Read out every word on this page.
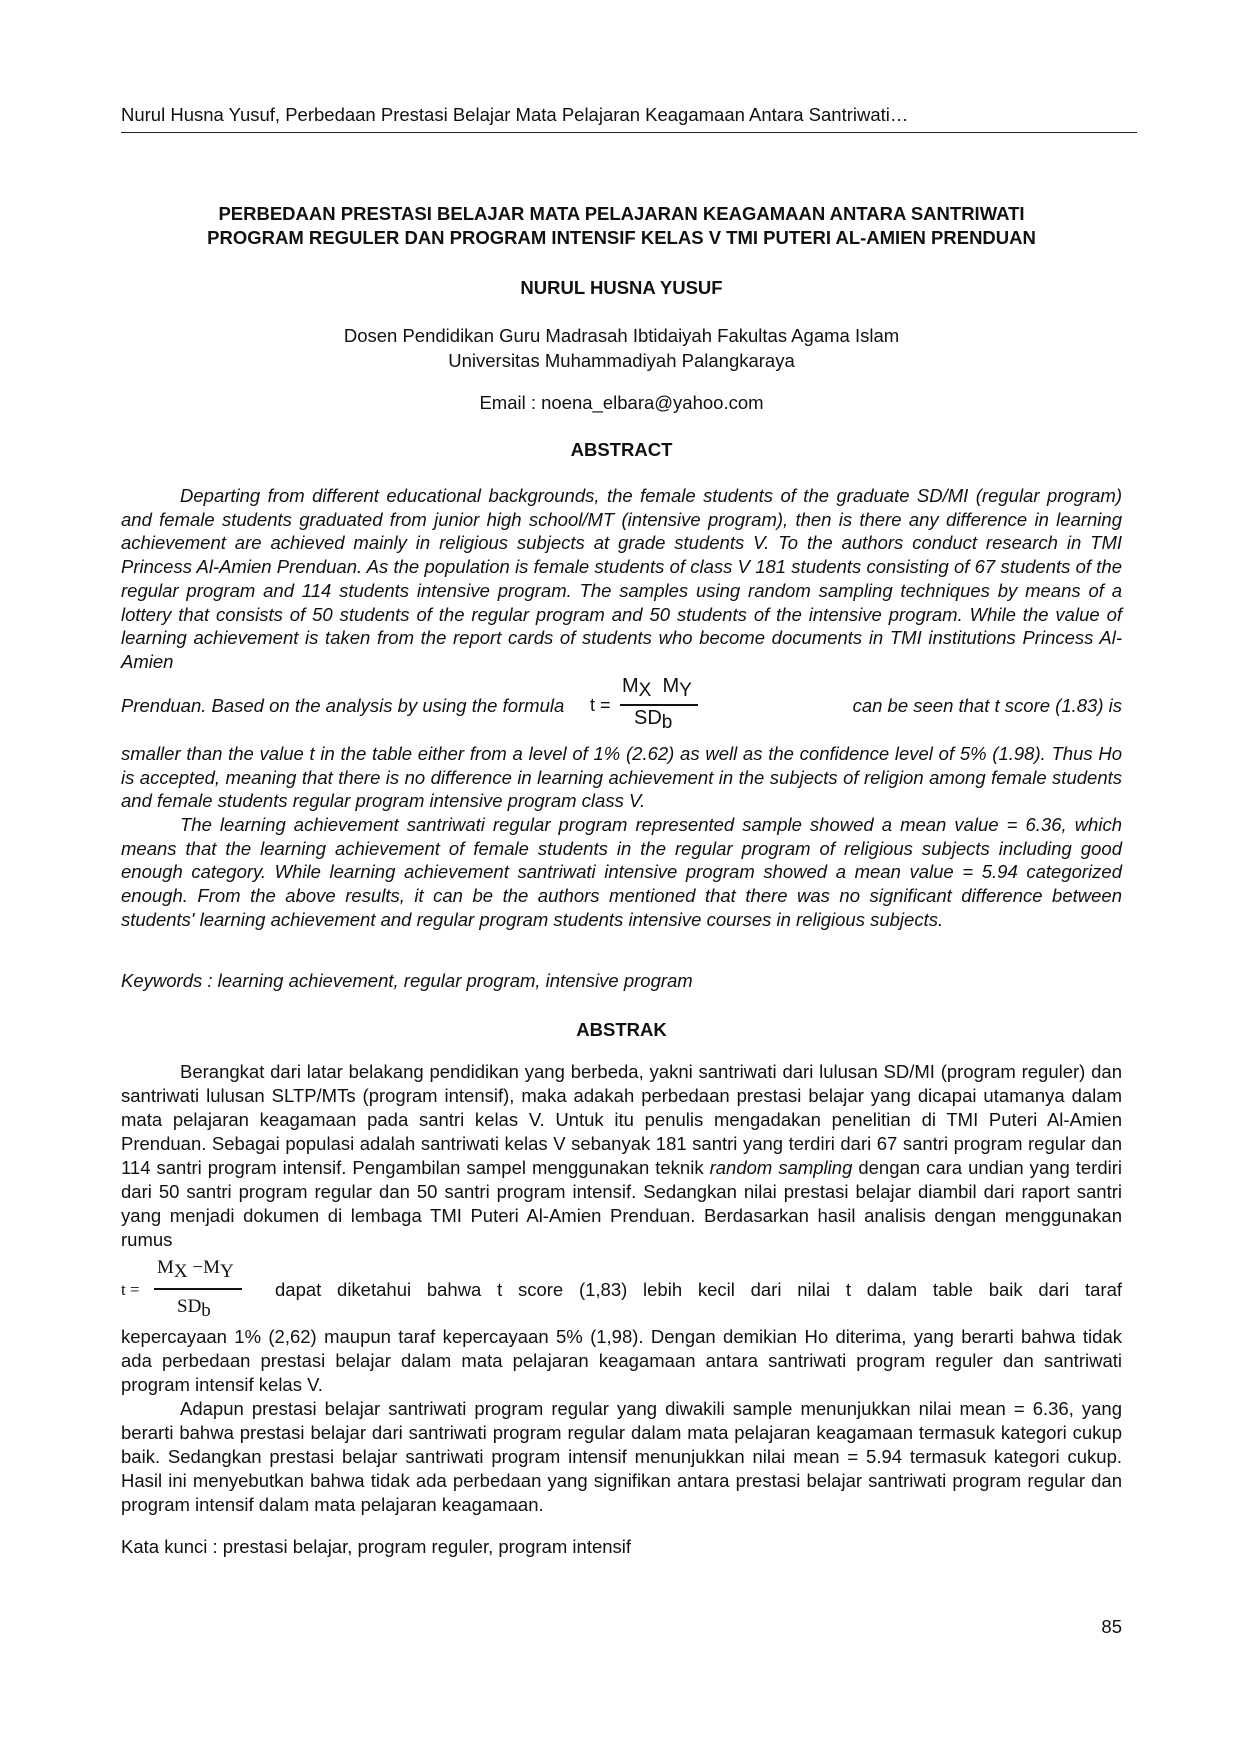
Nurul Husna Yusuf, Perbedaan Prestasi Belajar Mata Pelajaran Keagamaan Antara Santriwati…
PERBEDAAN PRESTASI BELAJAR MATA PELAJARAN KEAGAMAAN ANTARA SANTRIWATI
PROGRAM REGULER DAN PROGRAM INTENSIF KELAS V TMI PUTERI AL-AMIEN PRENDUAN
NURUL HUSNA YUSUF
Dosen Pendidikan Guru Madrasah Ibtidaiyah Fakultas Agama Islam
Universitas Muhammadiyah Palangkaraya
Email : noena_elbara@yahoo.com
ABSTRACT

Departing from different educational backgrounds, the female students of the graduate SD/MI (regular program) and female students graduated from junior high school/MT (intensive program), then is there any difference in learning achievement are achieved mainly in religious subjects at grade students V. To the authors conduct research in TMI Princess Al-Amien Prenduan. As the population is female students of class V 181 students consisting of 67 students of the regular program and 114 students intensive program. The samples using random sampling techniques by means of a lottery that consists of 50 students of the regular program and 50 students of the intensive program. While the value of learning achievement is taken from the report cards of students who become documents in TMI institutions Princess Al-Amien

Prenduan. Based on the analysis by using the formula t =
$M_X$ $M_Y$
$SD_b$
can be seen that t score (1.83) is

smaller than the value t in the table either from a level of 1% (2.62) as well as the confidence level of 5% (1.98). Thus Ho is accepted, meaning that there is no difference in learning achievement in the subjects of religion among female students and female students regular program intensive program class V.

The learning achievement santriwati regular program represented sample showed a mean value = 6.36, which means that the learning achievement of female students in the regular program of religious subjects including good enough category. While learning achievement santriwati intensive program showed a mean value = 5.94 categorized enough. From the above results, it can be the authors mentioned that there was no significant difference between students' learning achievement and regular program students intensive courses in religious subjects.

Keywords : learning achievement, regular program, intensive program
ABSTRAK

Berangkat dari latar belakang pendidikan yang berbeda, yakni santriwati dari lulusan SD/MI (program reguler) dan santriwati lulusan SLTP/MTs (program intensif), maka adakah perbedaan prestasi belajar yang dicapai utamanya dalam mata pelajaran keagamaan pada santri kelas V. Untuk itu penulis mengadakan penelitian di TMI Puteri Al-Amien Prenduan. Sebagai populasi adalah santriwati kelas V sebanyak 181 santri yang terdiri dari 67 santri program regular dan 114 santri program intensif. Pengambilan sampel menggunakan teknik random sampling dengan cara undian yang terdiri dari 50 santri program regular dan 50 santri program intensif. Sedangkan nilai prestasi belajar diambil dari raport santri yang menjadi dokumen di lembaga TMI Puteri Al-Amien Prenduan. Berdasarkan hasil analisis dengan menggunakan rumus

t =
$M_X -M_Y$
$SD_b$
dapat diketahui bahwa t score (1,83) lebih kecil dari nilai t dalam table baik dari taraf

kepercayaan 1% (2,62) maupun taraf kepercayaan 5% (1,98). Dengan demikian Ho diterima, yang berarti bahwa tidak ada perbedaan prestasi belajar dalam mata pelajaran keagamaan antara santriwati program reguler dan santriwati program intensif kelas V.

Adapun prestasi belajar santriwati program regular yang diwakili sample menunjukkan nilai mean = 6.36, yang berarti bahwa prestasi belajar dari santriwati program regular dalam mata pelajaran keagamaan termasuk kategori cukup baik. Sedangkan prestasi belajar santriwati program intensif menunjukkan nilai mean = 5.94 termasuk kategori cukup. Hasil ini menyebutkan bahwa tidak ada perbedaan yang signifikan antara prestasi belajar santriwati program regular dan program intensif dalam mata pelajaran keagamaan.

Kata kunci : prestasi belajar, program reguler, program intensif
85
